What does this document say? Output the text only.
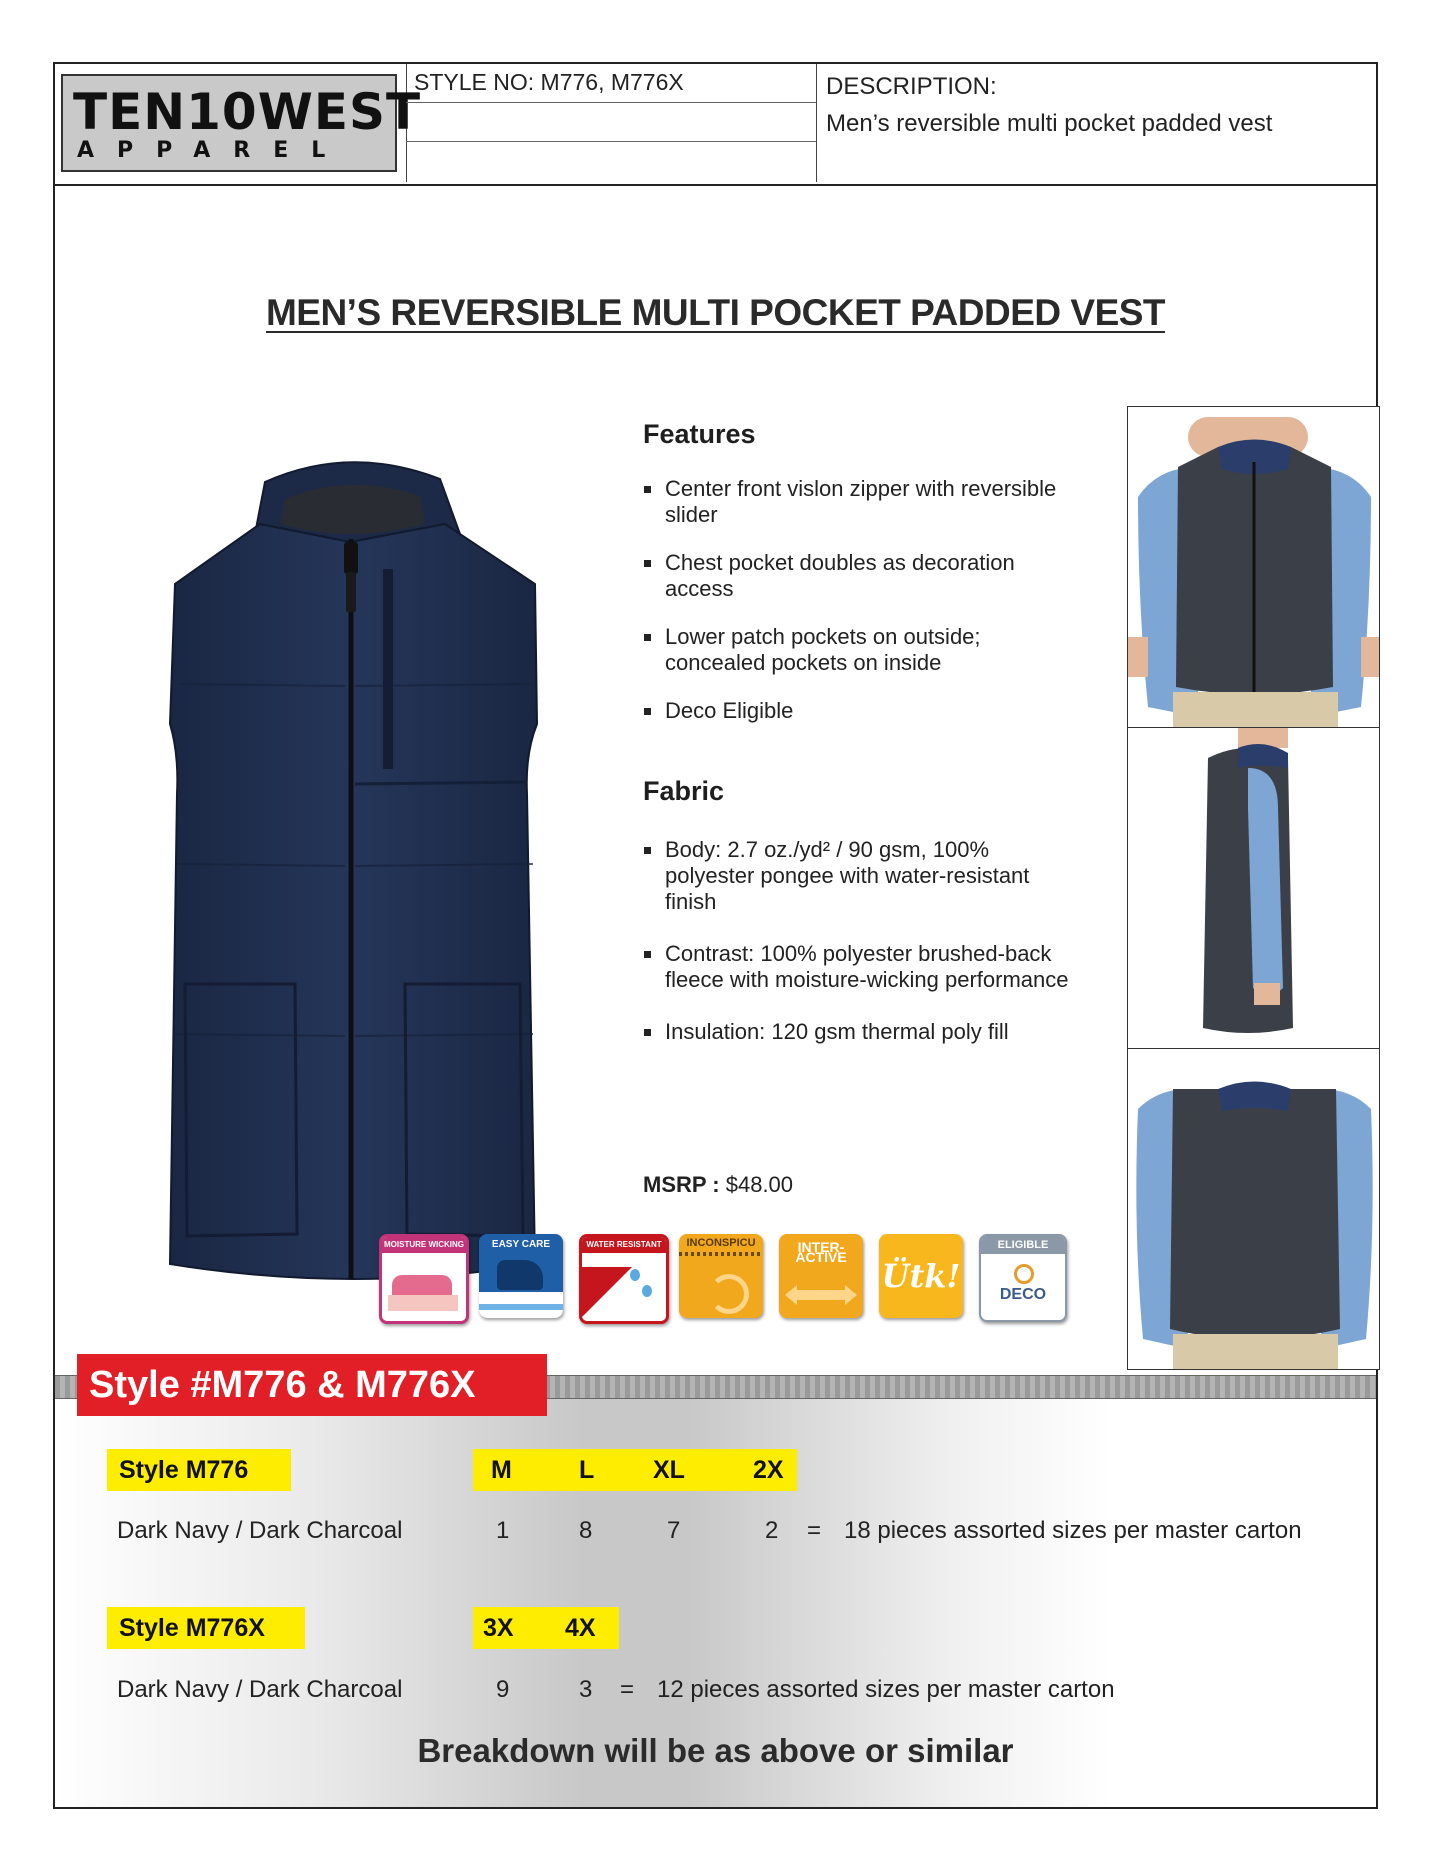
TEN10WEST
APPAREL
STYLE NO: M776, M776X	DESCRIPTION:
Men’s reversible multi pocket padded vest
MEN’S REVERSIBLE MULTI POCKET PADDED VEST
Features
Center front vislon zipper with reversible slider
Chest pocket doubles as decoration access
Lower patch pockets on outside; concealed pockets on inside
Deco Eligible
Fabric
Body: 2.7 oz./yd² / 90 gsm, 100% polyester pongee with water-resistant finish
Contrast: 100% polyester brushed-back fleece with moisture-wicking performance
Insulation: 120 gsm thermal poly fill
MSRP : $48.00
MOISTURE WICKING	EASY CARE	WATER RESISTANT	INCONSPICU	INTER-ACTIVE	Ütk!
ELIGIBLE
DECO
Style #M776 & M776X
Style M776	M	L XL	2X
Dark Navy / Dark Charcoal	1	8	7	2 = 18 pieces assorted sizes per master carton
Style M776X	3X 4X
Dark Navy / Dark Charcoal	9	3 = 12 pieces assorted sizes per master carton
Breakdown will be as above or similar
